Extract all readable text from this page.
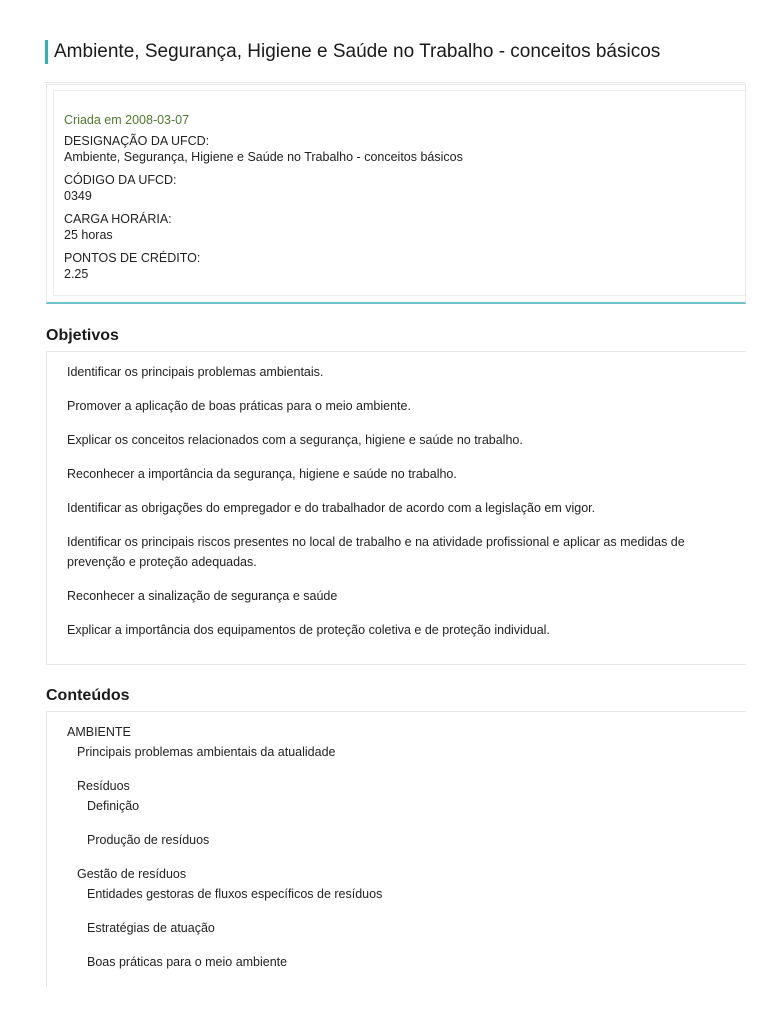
Ambiente, Segurança, Higiene e Saúde no Trabalho - conceitos básicos
Criada em 2008-03-07
DESIGNAÇÃO DA UFCD:
Ambiente, Segurança, Higiene e Saúde no Trabalho - conceitos básicos
CÓDIGO DA UFCD:
0349
CARGA HORÁRIA:
25 horas
PONTOS DE CRÉDITO:
2.25
Objetivos
Identificar os principais problemas ambientais.
Promover a aplicação de boas práticas para o meio ambiente.
Explicar os conceitos relacionados com a segurança, higiene e saúde no trabalho.
Reconhecer a importância da segurança, higiene e saúde no trabalho.
Identificar as obrigações do empregador e do trabalhador de acordo com a legislação em vigor.
Identificar os principais riscos presentes no local de trabalho e na atividade profissional e aplicar as medidas de prevenção e proteção adequadas.
Reconhecer a sinalização de segurança e saúde
Explicar a importância dos equipamentos de proteção coletiva e de proteção individual.
Conteúdos
AMBIENTE
Principais problemas ambientais da atualidade
Resíduos
Definição
Produção de resíduos
Gestão de resíduos
Entidades gestoras de fluxos específicos de resíduos
Estratégias de atuação
Boas práticas para o meio ambiente
